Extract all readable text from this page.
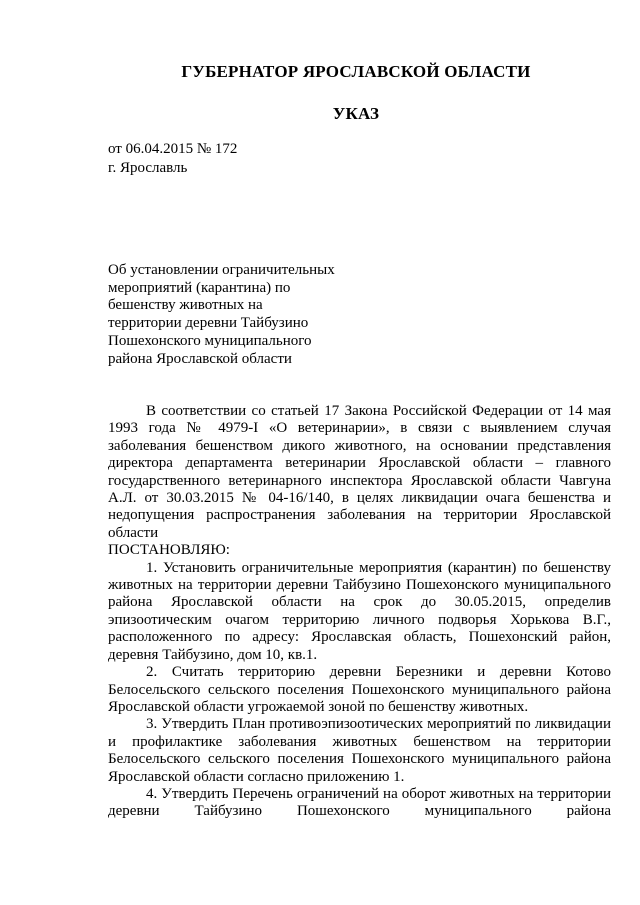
ГУБЕРНАТОР ЯРОСЛАВСКОЙ ОБЛАСТИ
УКАЗ
от 06.04.2015 № 172
г. Ярославль
Об установлении ограничительных
мероприятий (карантина) по
бешенству животных на
территории деревни Тайбузино
Пошехонского муниципального
района Ярославской области

В соответствии со статьей 17 Закона Российской Федерации от 14 мая 1993 года № 4979-I «О ветеринарии», в связи с выявлением случая заболевания бешенством дикого животного, на основании представления директора департамента ветеринарии Ярославской области – главного государственного ветеринарного инспектора Ярославской области Чавгуна А.Л. от 30.03.2015 № 04-16/140, в целях ликвидации очага бешенства и недопущения распространения заболевания на территории Ярославской области

ПОСТАНОВЛЯЮ:

1. Установить ограничительные мероприятия (карантин) по бешенству животных на территории деревни Тайбузино Пошехонского муниципального района Ярославской области на срок до 30.05.2015, определив эпизоотическим очагом территорию личного подворья Хорькова В.Г., расположенного по адресу: Ярославская область, Пошехонский район, деревня Тайбузино, дом 10, кв.1.

2. Считать территорию деревни Березники и деревни Котово Белосельского сельского поселения Пошехонского муниципального района Ярославской области угрожаемой зоной по бешенству животных.

3. Утвердить План противоэпизоотических мероприятий по ликвидации и профилактике заболевания животных бешенством на территории Белосельского сельского поселения Пошехонского муниципального района Ярославской области согласно приложению 1.

4. Утвердить Перечень ограничений на оборот животных на территории деревни Тайбузино Пошехонского муниципального района
